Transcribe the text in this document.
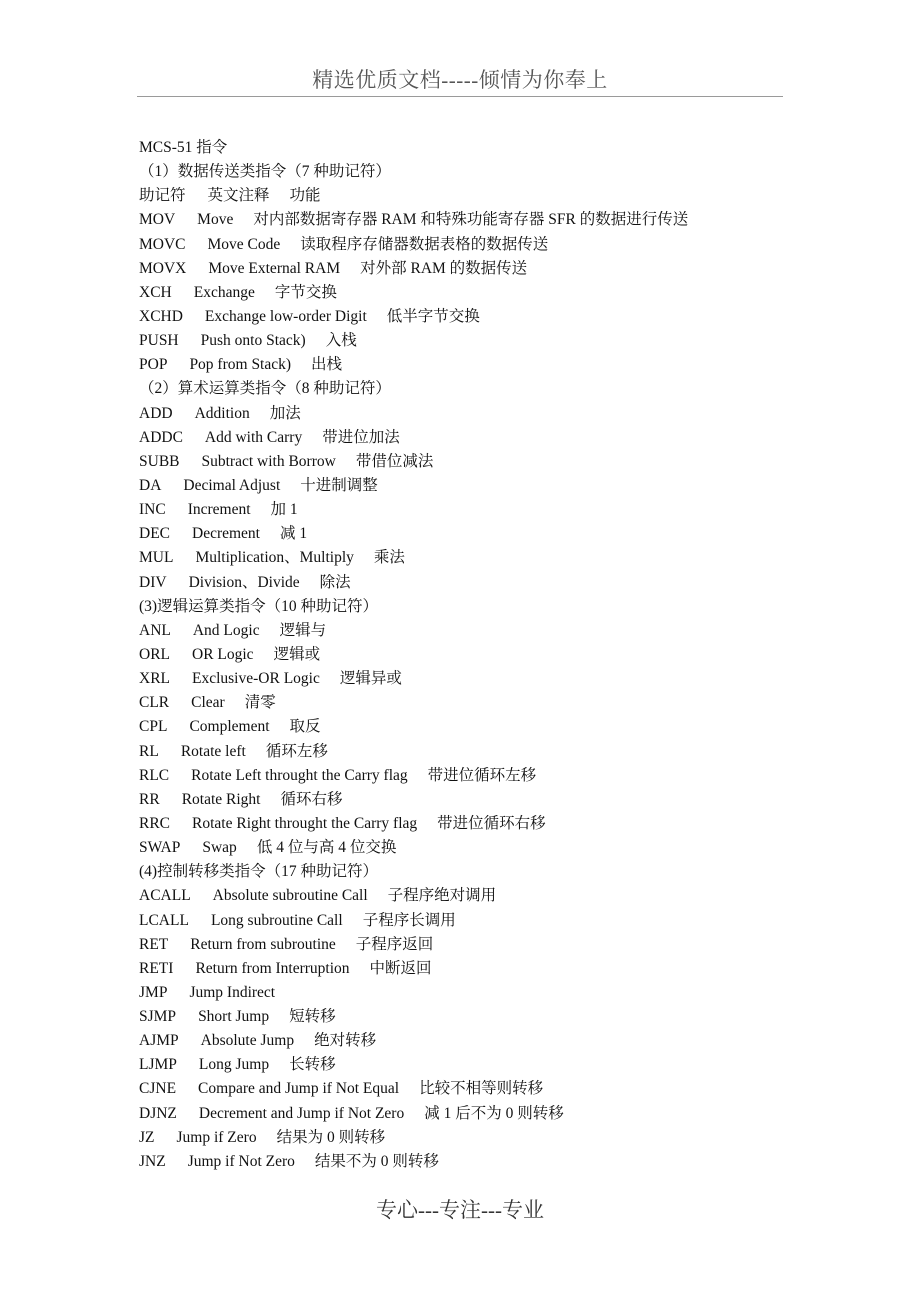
精选优质文档-----倾情为你奉上
MCS-51 指令
（1）数据传送类指令（7 种助记符）
助记符 英文注释 功能
MOV Move 对内部数据寄存器 RAM 和特殊功能寄存器 SFR 的数据进行传送
MOVC Move Code 读取程序存储器数据表格的数据传送
MOVX Move External RAM 对外部 RAM 的数据传送
XCH Exchange 字节交换
XCHD Exchange low-order Digit 低半字节交换
PUSH Push onto Stack) 入栈
POP Pop from Stack) 出栈
（2）算术运算类指令（8 种助记符）
ADD Addition 加法
ADDC Add with Carry 带进位加法
SUBB Subtract with Borrow 带借位减法
DA Decimal Adjust 十进制调整
INC Increment 加 1
DEC Decrement 减 1
MUL Multiplication、Multiply 乘法
DIV Division、Divide 除法
(3)逻辑运算类指令（10 种助记符）
ANL And Logic 逻辑与
ORL OR Logic 逻辑或
XRL Exclusive-OR Logic 逻辑异或
CLR Clear 清零
CPL Complement 取反
RL Rotate left 循环左移
RLC Rotate Left throught the Carry flag 带进位循环左移
RR Rotate Right 循环右移
RRC Rotate Right throught the Carry flag 带进位循环右移
SWAP Swap 低 4 位与高 4 位交换
(4)控制转移类指令（17 种助记符）
ACALL Absolute subroutine Call 子程序绝对调用
LCALL Long subroutine Call 子程序长调用
RET Return from subroutine 子程序返回
RETI Return from Interruption 中断返回
JMP Jump Indirect
SJMP Short Jump 短转移
AJMP Absolute Jump 绝对转移
LJMP Long Jump 长转移
CJNE Compare and Jump if Not Equal 比较不相等则转移
DJNZ Decrement and Jump if Not Zero 减 1 后不为 0 则转移
JZ Jump if Zero 结果为 0 则转移
JNZ Jump if Not Zero 结果不为 0 则转移
专心---专注---专业
